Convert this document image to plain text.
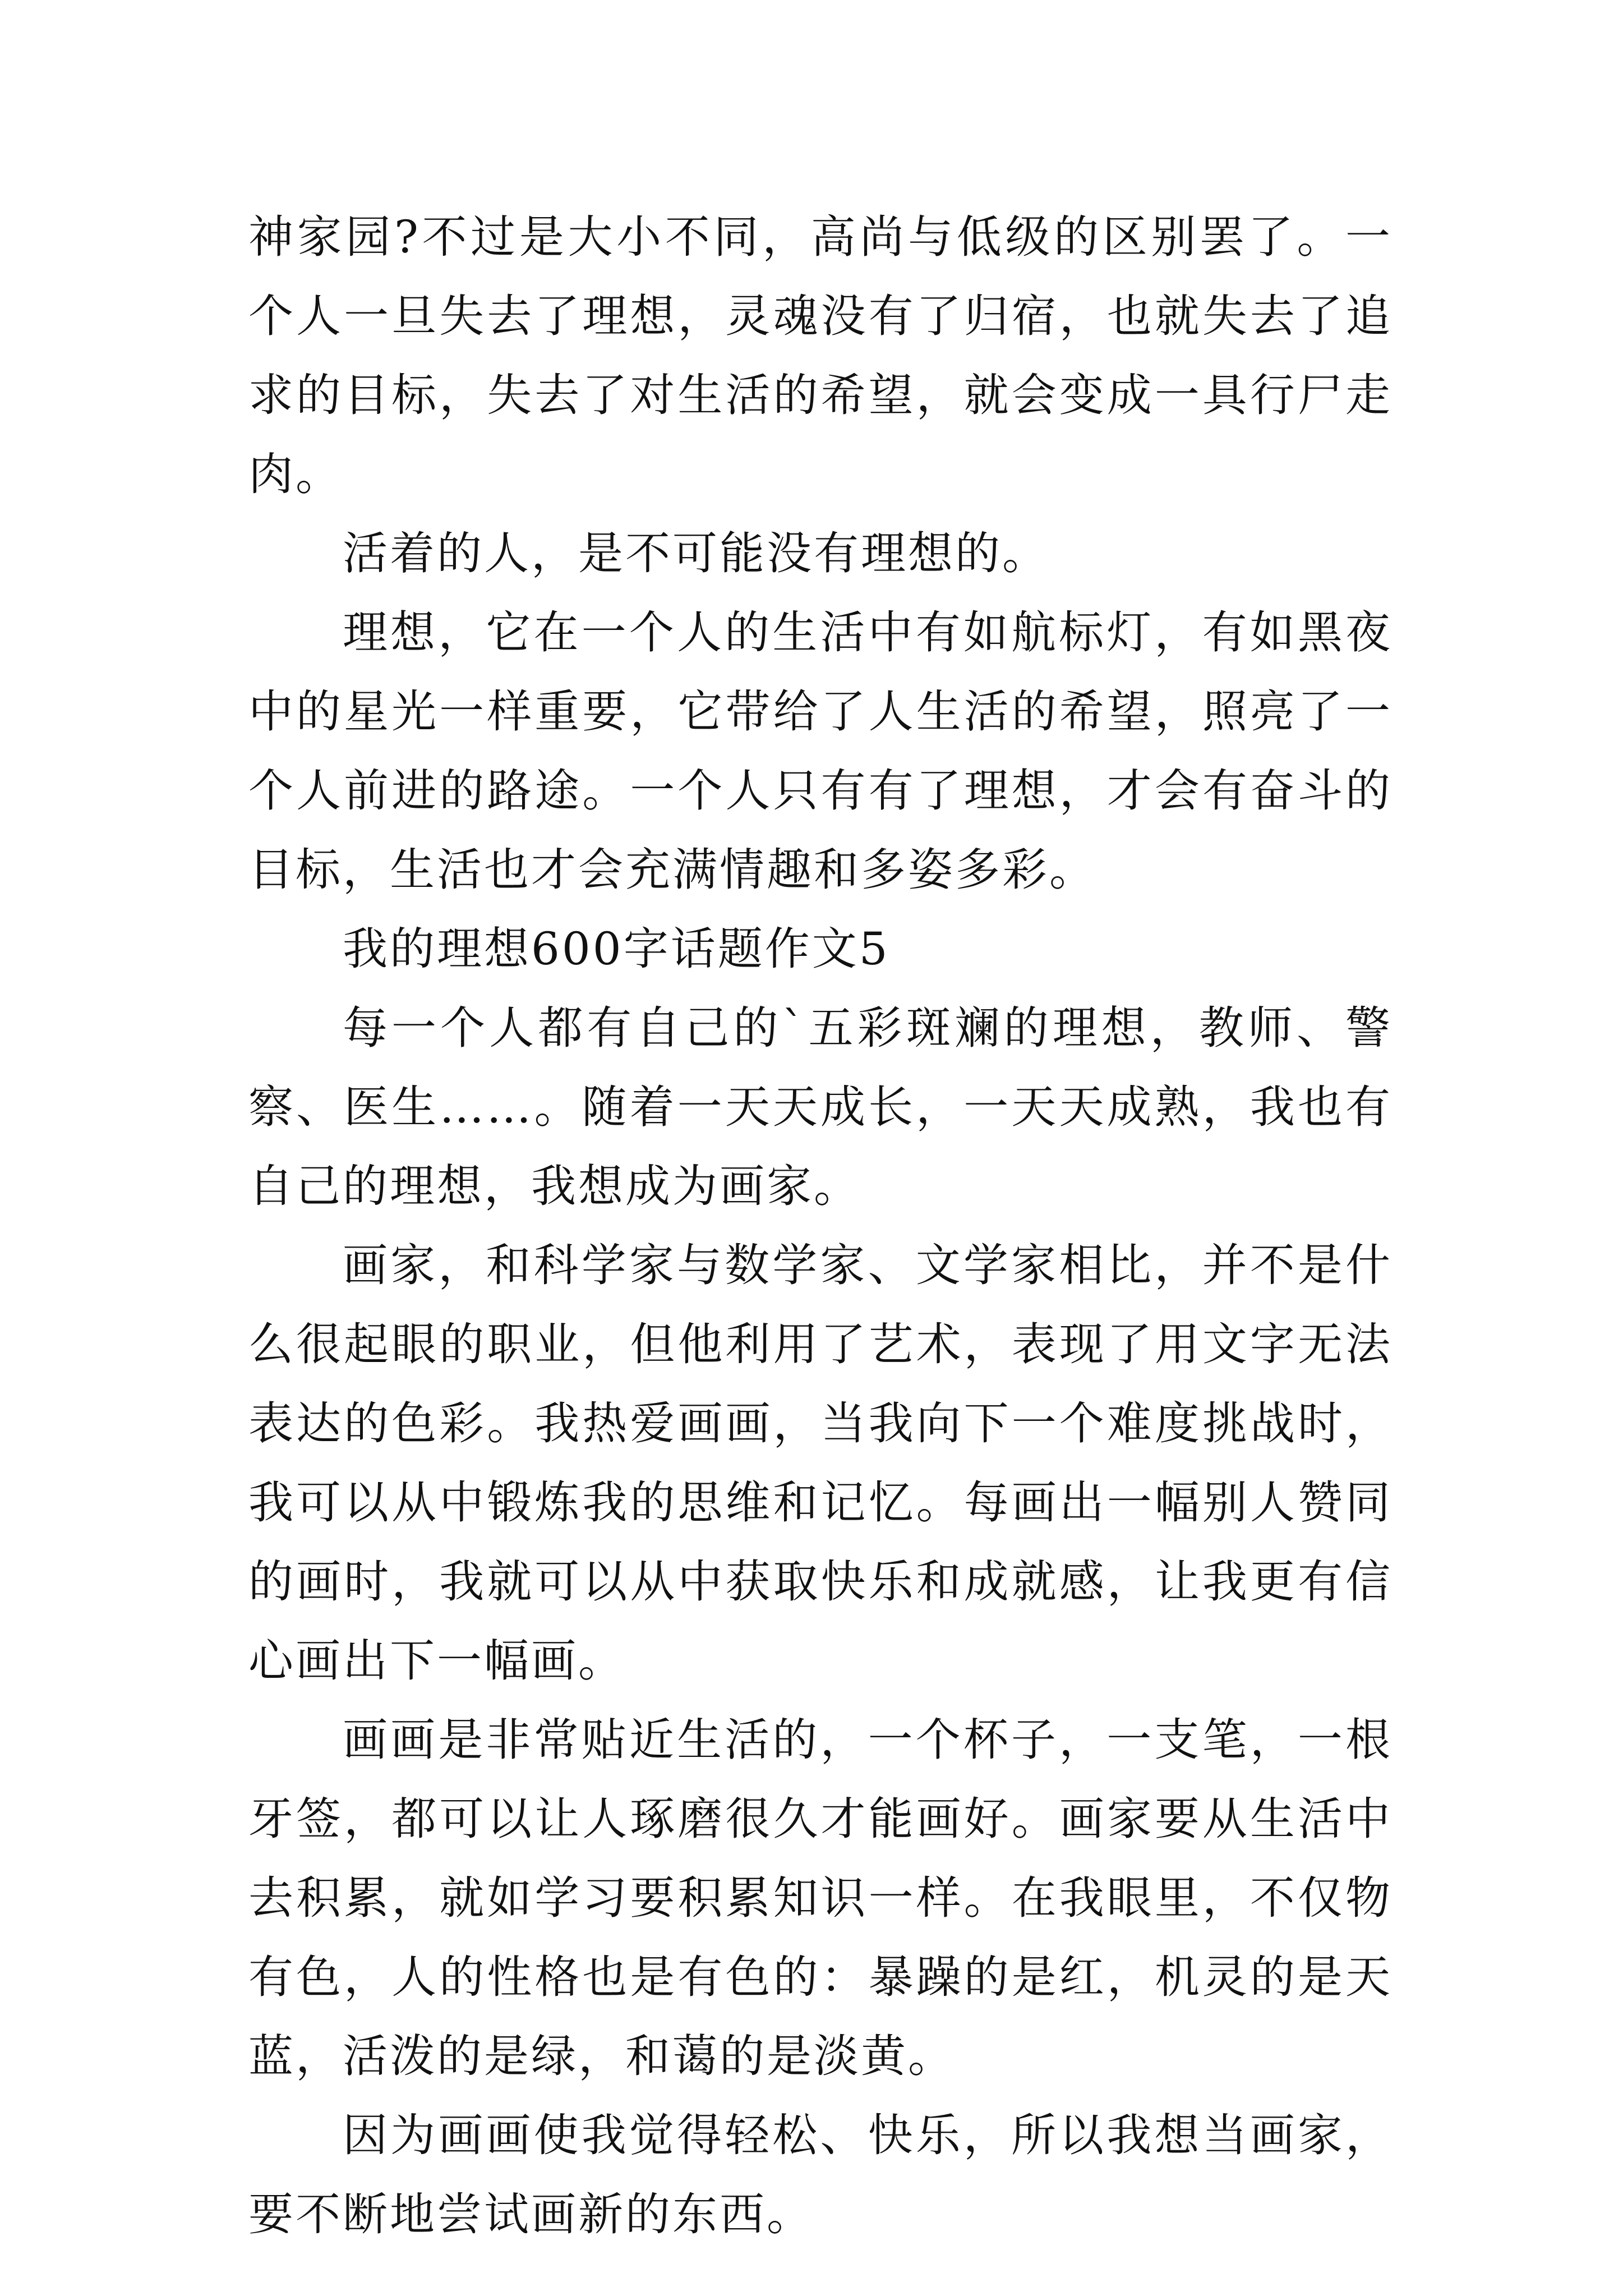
神家园?不过是大小不同，高尚与低级的区别罢了。一个人一旦失去了理想，灵魂没有了归宿，也就失去了追求的目标，失去了对生活的希望，就会变成一具行尸走肉。

活着的人，是不可能没有理想的。

理想，它在一个人的生活中有如航标灯，有如黑夜中的星光一样重要，它带给了人生活的希望，照亮了一个人前进的路途。一个人只有有了理想，才会有奋斗的目标，生活也才会充满情趣和多姿多彩。

我的理想600字话题作文5

每一个人都有自己的`五彩斑斓的理想，教师、警察、医生……。随着一天天成长，一天天成熟，我也有自己的理想，我想成为画家。

画家，和科学家与数学家、文学家相比，并不是什么很起眼的职业，但他利用了艺术，表现了用文字无法表达的色彩。我热爱画画，当我向下一个难度挑战时，我可以从中锻炼我的思维和记忆。每画出一幅别人赞同的画时，我就可以从中获取快乐和成就感，让我更有信心画出下一幅画。

画画是非常贴近生活的，一个杯子，一支笔，一根牙签，都可以让人琢磨很久才能画好。画家要从生活中去积累，就如学习要积累知识一样。在我眼里，不仅物有色，人的性格也是有色的：暴躁的是红，机灵的是天蓝，活泼的是绿，和蔼的是淡黄。

因为画画使我觉得轻松、快乐，所以我想当画家，要不断地尝试画新的东西。
